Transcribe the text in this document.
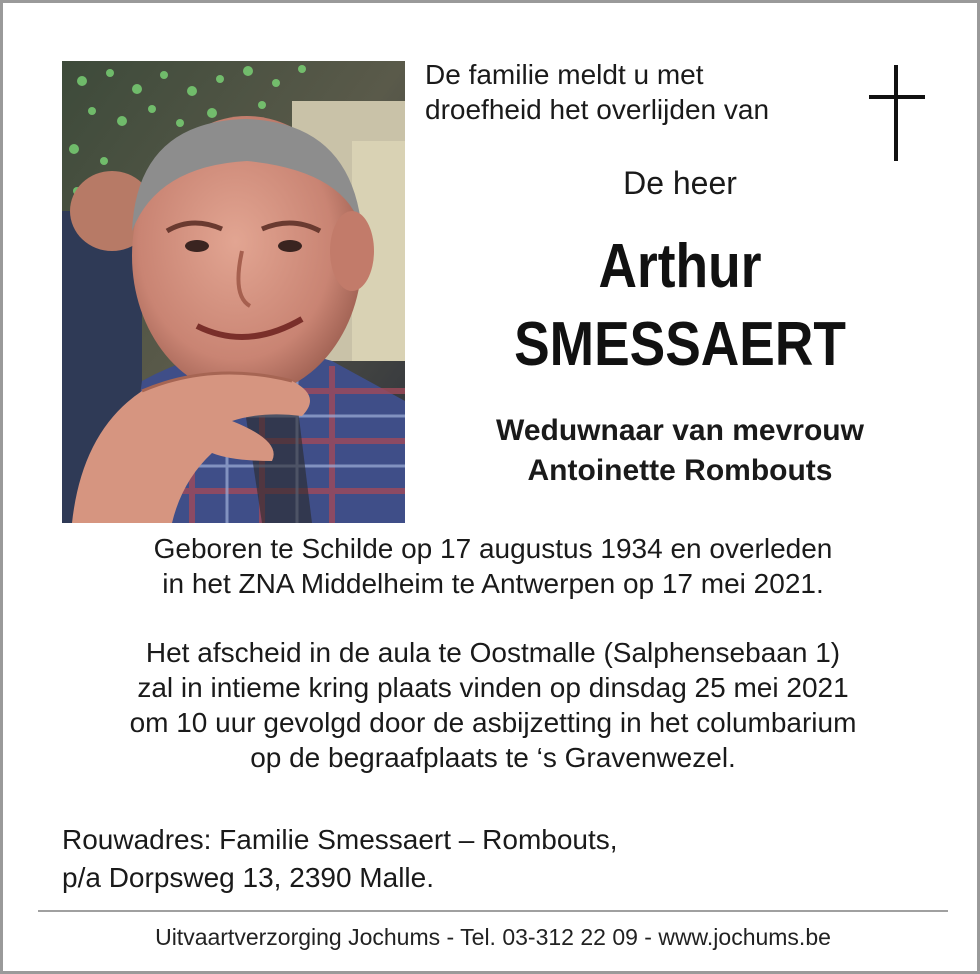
De familie meldt u met
droefheid het overlijden van

De heer
Arthur
SMESSAERT
Weduwnaar van mevrouw
Antoinette Rombouts

Geboren te Schilde op 17 augustus 1934 en overleden
in het ZNA Middelheim te Antwerpen op 17 mei 2021.

Het afscheid in de aula te Oostmalle (Salphensebaan 1)
zal in intieme kring plaats vinden op dinsdag 25 mei 2021
om 10 uur gevolgd door de asbijzetting in het columbarium
op de begraafplaats te ‘s Gravenwezel.

Rouwadres: Familie Smessaert – Rombouts,
p/a Dorpsweg 13, 2390 Malle.

Uitvaartverzorging Jochums - Tel. 03-312 22 09 - www.jochums.be
